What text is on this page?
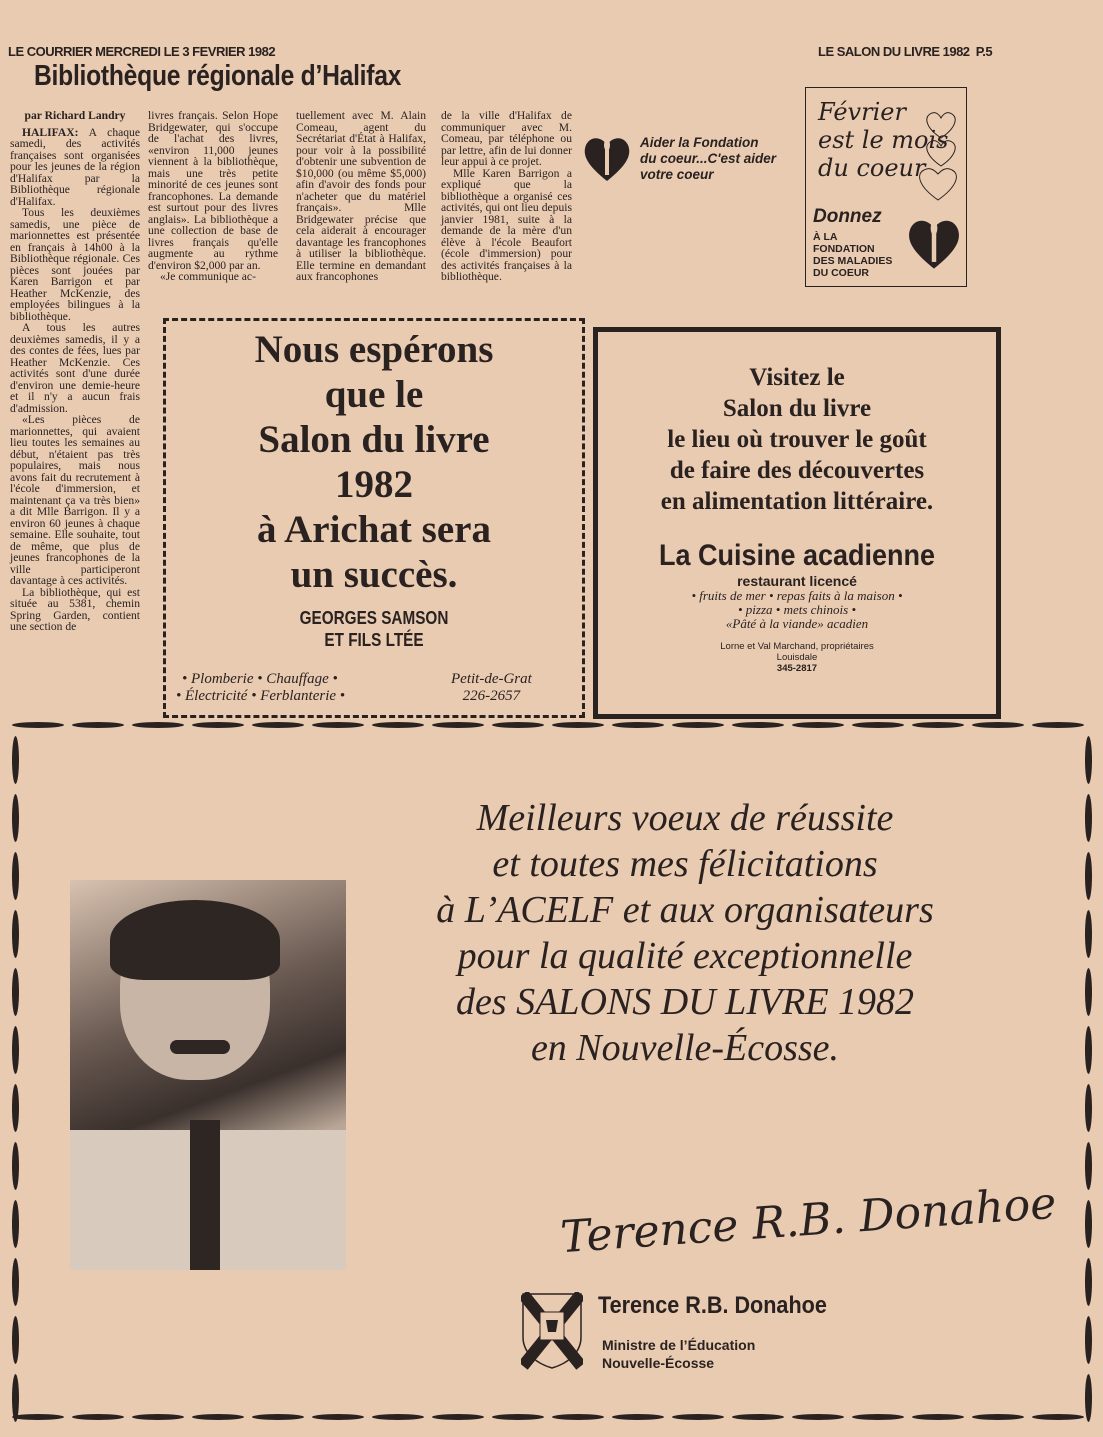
LE COURRIER MERCREDI LE 3 FEVRIER 1982	LE SALON DU LIVRE 1982 P.5
Bibliothèque régionale d’Halifax

par Richard Landry

HALIFAX: A chaque samedi, des activités françaises sont organisées pour les jeunes de la région d'Halifax par la Bibliothèque régionale d'Halifax.

Tous les deuxièmes samedis, une pièce de marionnettes est présentée en français à 14h00 à la Bibliothèque régionale. Ces pièces sont jouées par Karen Barrigon et par Heather McKenzie, des employées bilingues à la bibliothèque.

A tous les autres deuxièmes samedis, il y a des contes de fées, lues par Heather McKenzie. Ces activités sont d'une durée d'environ une demie-heure et il n'y a aucun frais d'admission.

«Les pièces de marionnettes, qui avaient lieu toutes les semaines au début, n'étaient pas très populaires, mais nous avons fait du recrutement à l'école d'immersion, et maintenant ça va très bien» a dit Mlle Barrigon. Il y a environ 60 jeunes à chaque semaine. Elle souhaite, tout de même, que plus de jeunes francophones de la ville participeront davantage à ces activités.

La bibliothèque, qui est située au 5381, chemin Spring Garden, contient une section de

livres français. Selon Hope Bridgewater, qui s'occupe de l'achat des livres, «environ 11,000 jeunes viennent à la bibliothèque, mais une très petite minorité de ces jeunes sont francophones. La demande est surtout pour des livres anglais». La bibliothèque a une collection de base de livres français qu'elle augmente au rythme d'environ $2,000 par an.

«Je communique ac-

tuellement avec M. Alain Comeau, agent du Secrétariat d'État à Halifax, pour voir à la possibilité d'obtenir une subvention de $10,000 (ou même $5,000) afin d'avoir des fonds pour n'acheter que du matériel français». Mlle Bridgewater précise que cela aiderait à encourager davantage les francophones à utiliser la bibliothèque. Elle termine en demandant aux francophones

de la ville d'Halifax de communiquer avec M. Comeau, par téléphone ou par lettre, afin de lui donner leur appui à ce projet.

Mlle Karen Barrigon a expliqué que la bibliothèque a organisé ces activités, qui ont lieu depuis janvier 1981, suite à la demande de la mère d'un élève à l'école Beaufort (école d'immersion) pour des activités françaises à la bibliothèque.

Aider la Fondation
du coeur...C'est aider
votre coeur
Février
est le mois
du coeur
Donnez
À LA
FONDATION
DES MALADIES
DU COEUR
Nous espérons
que le
Salon du livre
1982
à Arichat sera
un succès.
GEORGES SAMSON
ET FILS LTÉE
• Plomberie • Chauffage •
• Électricité • Ferblanterie •
Petit-de-Grat
226-2657
Visitez le
Salon du livre
le lieu où trouver le goût
de faire des découvertes
en alimentation littéraire.
La Cuisine acadienne
restaurant licencé
• fruits de mer • repas faits à la maison •
• pizza • mets chinois •
«Pâté à la viande» acadien
Lorne et Val Marchand, propriétaires
Louisdale
345-2817
Meilleurs voeux de réussite
et toutes mes félicitations
à L’ACELF et aux organisateurs
pour la qualité exceptionnelle
des SALONS DU LIVRE 1982
en Nouvelle-Écosse.
Terence R.B. Donahoe
Terence R.B. Donahoe
Ministre de l’Éducation
Nouvelle-Écosse
